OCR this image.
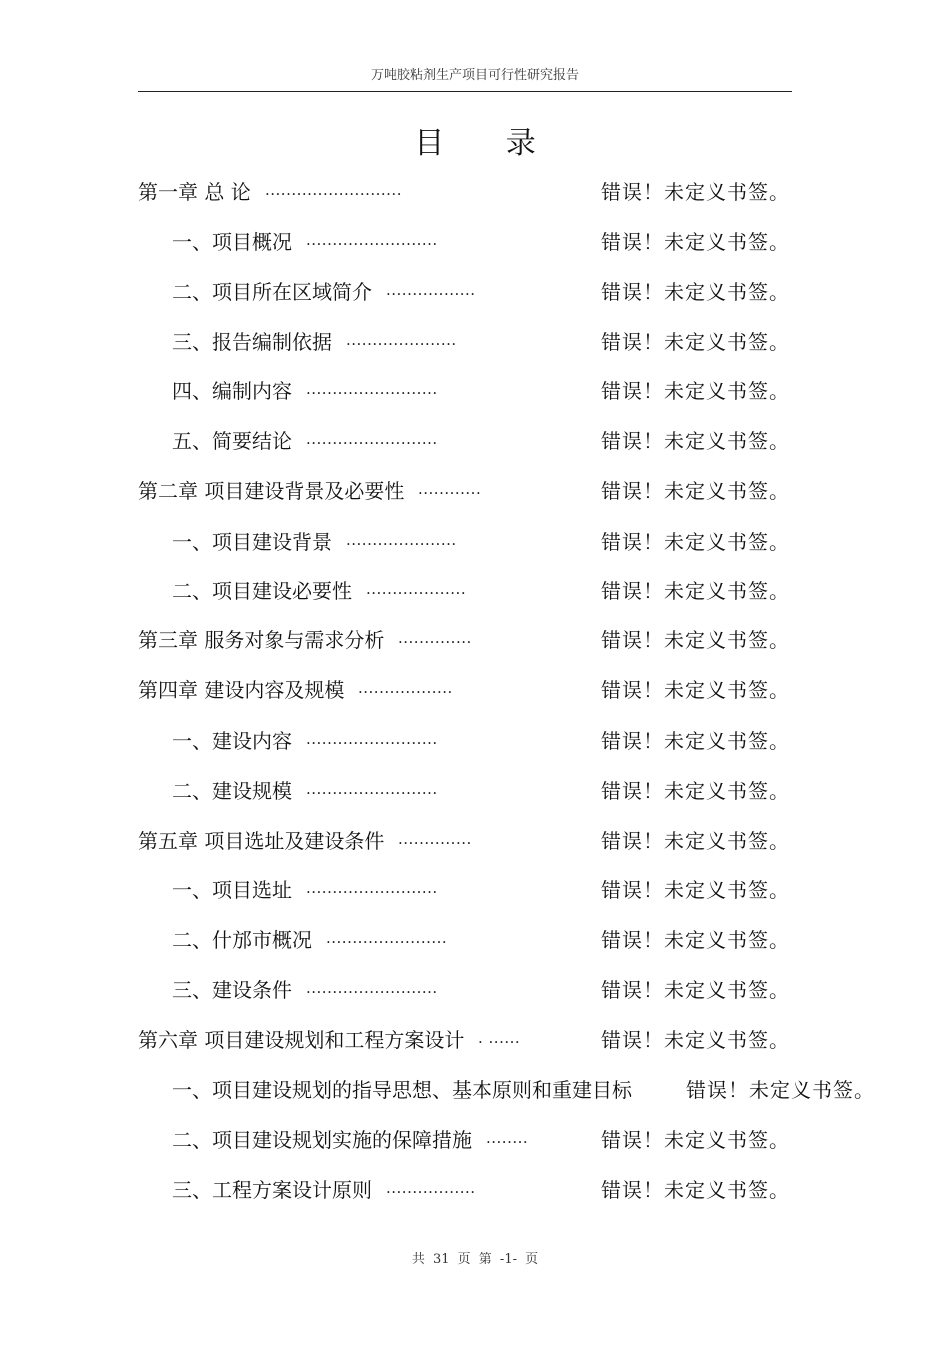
万吨胶粘剂生产项目可行性研究报告
目 录
第一章 总 论 ..........................	错误！未定义书签。
一、项目概况 .........................	错误！未定义书签。
二、项目所在区域简介 .................	错误！未定义书签。
三、报告编制依据 .....................	错误！未定义书签。
四、编制内容 .........................	错误！未定义书签。
五、简要结论 .........................	错误！未定义书签。
第二章 项目建设背景及必要性 ............	错误！未定义书签。
一、项目建设背景 .....................	错误！未定义书签。
二、项目建设必要性 ...................	错误！未定义书签。
第三章 服务对象与需求分析 ..............	错误！未定义书签。
第四章 建设内容及规模 ..................	错误！未定义书签。
一、建设内容 .........................	错误！未定义书签。
二、建设规模 .........................	错误！未定义书签。
第五章 项目选址及建设条件 ..............	错误！未定义书签。
一、项目选址 .........................	错误！未定义书签。
二、什邡市概况 .......................	错误！未定义书签。
三、建设条件 .........................	错误！未定义书签。
第六章 项目建设规划和工程方案设计 . ......	错误！未定义书签。
一、项目建设规划的指导思想、基本原则和重建目标	错误！未定义书签。
二、项目建设规划实施的保障措施 ........	错误！未定义书签。
三、工程方案设计原则 .................	错误！未定义书签。
共 31 页 第 -1- 页
